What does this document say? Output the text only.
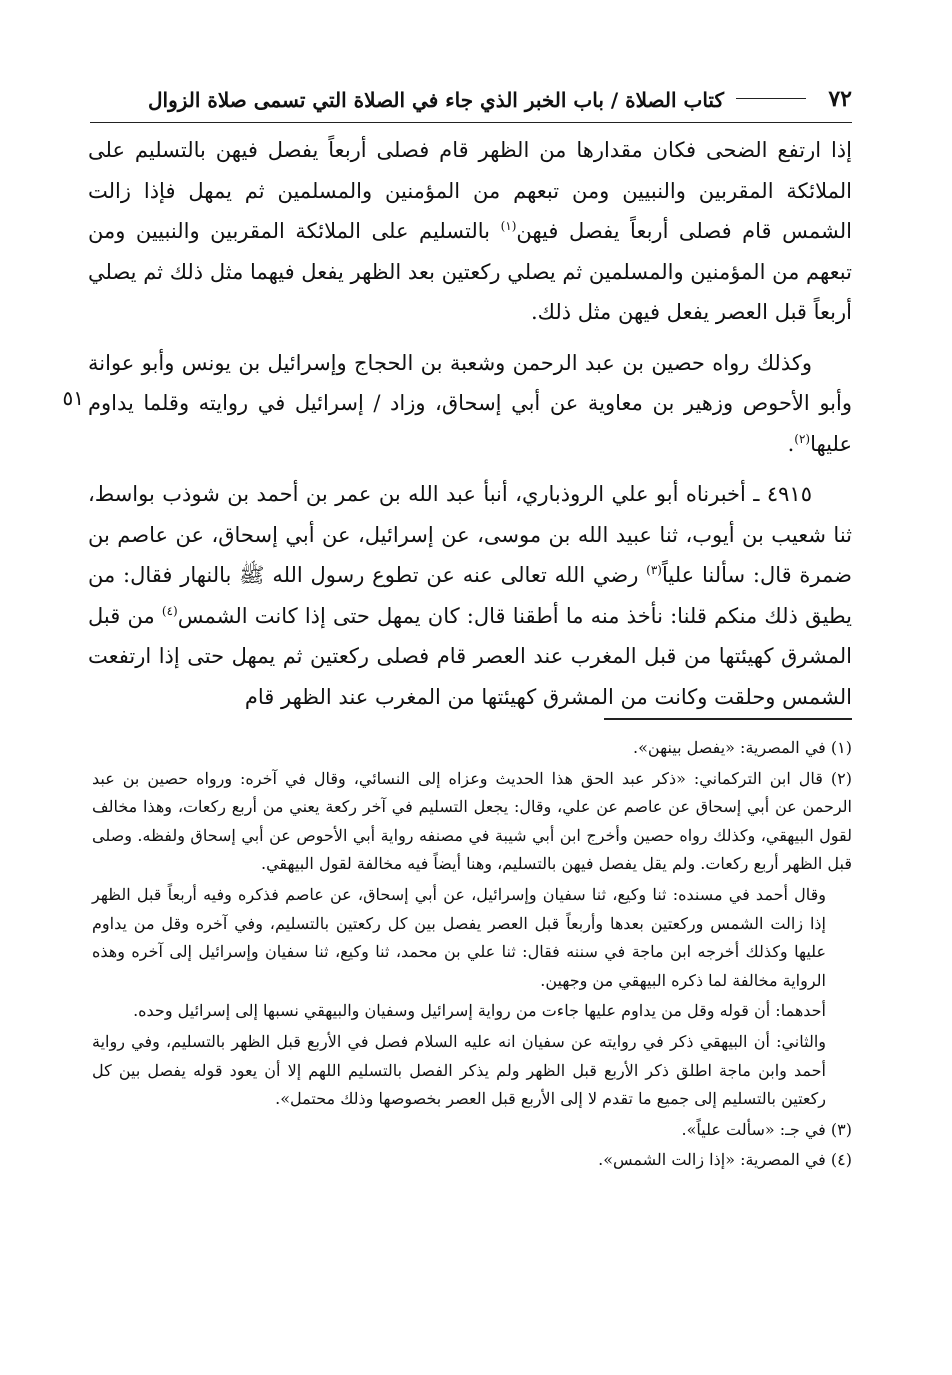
٧٢
كتاب الصلاة / باب الخبر الذي جاء في الصلاة التي تسمى صلاة الزوال
٥١

إذا ارتفع الضحى فكان مقدارها من الظهر قام فصلى أربعاً يفصل فيهن بالتسليم على الملائكة المقربين والنبيين ومن تبعهم من المؤمنين والمسلمين ثم يمهل فإذا زالت الشمس قام فصلى أربعاً يفصل فيهن$^{(١)}$ بالتسليم على الملائكة المقربين والنبيين ومن تبعهم من المؤمنين والمسلمين ثم يصلي ركعتين بعد الظهر يفعل فيهما مثل ذلك ثم يصلي أربعاً قبل العصر يفعل فيهن مثل ذلك.

وكذلك رواه حصين بن عبد الرحمن وشعبة بن الحجاج وإسرائيل بن يونس وأبو عوانة وأبو الأحوص وزهير بن معاوية عن أبي إسحاق، وزاد / إسرائيل في روايته وقلما يداوم عليها$^{(٢)}$.

٤٩١٥ ـ أخبرناه أبو علي الروذباري، أنبأ عبد الله بن عمر بن أحمد بن شوذب بواسط، ثنا شعيب بن أيوب، ثنا عبيد الله بن موسى، عن إسرائيل، عن أبي إسحاق، عن عاصم بن ضمرة قال: سألنا علياً$^{(٣)}$ رضي الله تعالى عنه عن تطوع رسول الله ﷺ بالنهار فقال: من يطيق ذلك منكم قلنا: نأخذ منه ما أطقنا قال: كان يمهل حتى إذا كانت الشمس$^{(٤)}$ من قبل المشرق كهيئتها من قبل المغرب عند العصر قام فصلى ركعتين ثم يمهل حتى إذا ارتفعت الشمس وحلقت وكانت من المشرق كهيئتها من المغرب عند الظهر قام

(١) في المصرية: «يفصل بينهن».

(٢) قال ابن التركماني: «ذكر عبد الحق هذا الحديث وعزاه إلى النسائي، وقال في آخره: ورواه حصين بن عبد الرحمن عن أبي إسحاق عن عاصم عن علي، وقال: يجعل التسليم في آخر ركعة يعني من أربع ركعات، وهذا مخالف لقول البيهقي، وكذلك رواه حصين وأخرج ابن أبي شيبة في مصنفه رواية أبي الأحوص عن أبي إسحاق ولفظه. وصلى قبل الظهر أربع ركعات. ولم يقل يفصل فيهن بالتسليم، وهنا أيضاً فيه مخالفة لقول البيهقي.

وقال أحمد في مسنده: ثنا وكيع، ثنا سفيان وإسرائيل، عن أبي إسحاق، عن عاصم فذكره وفيه أربعاً قبل الظهر إذا زالت الشمس وركعتين بعدها وأربعاً قبل العصر يفصل بين كل ركعتين بالتسليم، وفي آخره وقل من يداوم عليها وكذلك أخرجه ابن ماجة في سننه فقال: ثنا علي بن محمد، ثنا وكيع، ثنا سفيان وإسرائيل إلى آخره وهذه الرواية مخالفة لما ذكره البيهقي من وجهين.

أحدهما: أن قوله وقل من يداوم عليها جاءت من رواية إسرائيل وسفيان والبيهقي نسبها إلى إسرائيل وحده.

والثاني: أن البيهقي ذكر في روايته عن سفيان انه عليه السلام فصل في الأربع قبل الظهر بالتسليم، وفي رواية أحمد وابن ماجة اطلق ذكر الأربع قبل الظهر ولم يذكر الفصل بالتسليم اللهم إلا أن يعود قوله يفصل بين كل ركعتين بالتسليم إلى جميع ما تقدم لا إلى الأربع قبل العصر بخصوصها وذلك محتمل».

(٣) في جـ: «سألت علياً».

(٤) في المصرية: «إذا زالت الشمس».
